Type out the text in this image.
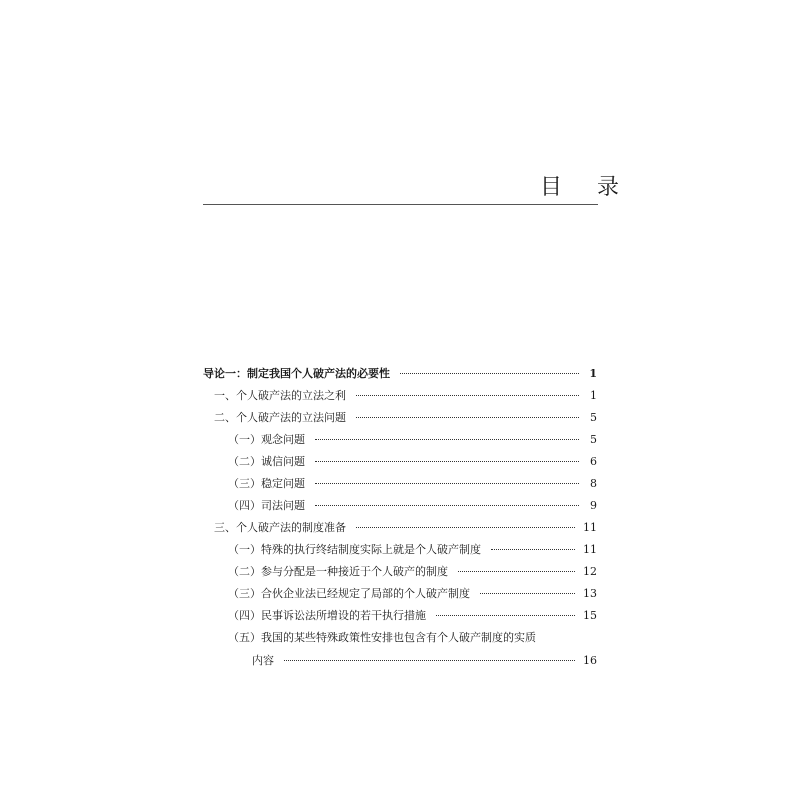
目 录
导论一：制定我国个人破产法的必要性	1
一、个人破产法的立法之利	1
二、个人破产法的立法问题	5
（一）观念问题	5
（二）诚信问题	6
（三）稳定问题	8
（四）司法问题	9
三、个人破产法的制度准备	11
（一）特殊的执行终结制度实际上就是个人破产制度	11
（二）参与分配是一种接近于个人破产的制度	12
（三）合伙企业法已经规定了局部的个人破产制度	13
（四）民事诉讼法所增设的若干执行措施	15
（五）我国的某些特殊政策性安排也包含有个人破产制度的实质
内容	16
